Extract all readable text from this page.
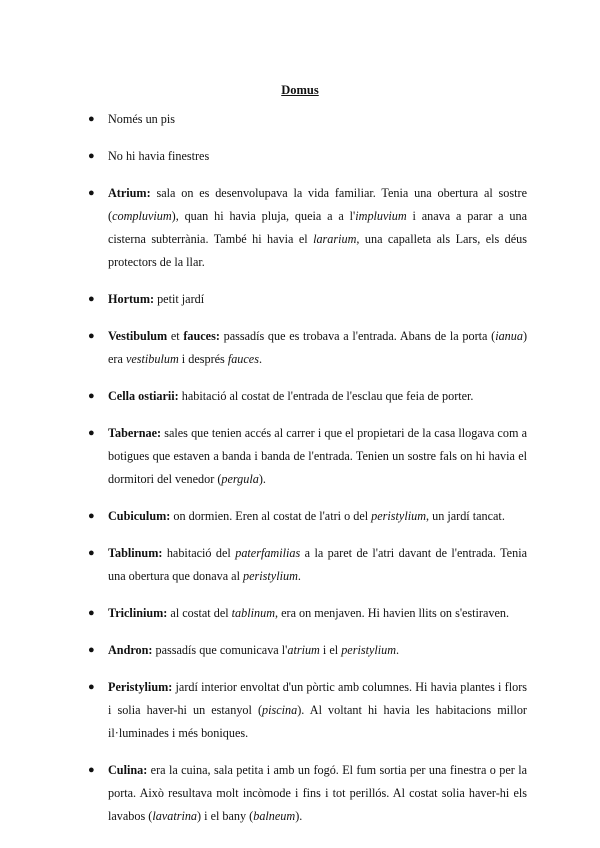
Domus
● Només un pis
● No hi havia finestres
● Atrium: sala on es desenvolupava la vida familiar. Tenia una obertura al sostre (compluvium), quan hi havia pluja, queia a a l'impluvium i anava a parar a una cisterna subterrània. També hi havia el lararium, una capalleta als Lars, els déus protectors de la llar.
● Hortum: petit jardí
● Vestibulum et fauces: passadís que es trobava a l'entrada. Abans de la porta (ianua) era vestibulum i després fauces.
● Cella ostiarii: habitació al costat de l'entrada de l'esclau que feia de porter.
● Tabernae: sales que tenien accés al carrer i que el propietari de la casa llogava com a botigues que estaven a banda i banda de l'entrada. Tenien un sostre fals on hi havia el dormitori del venedor (pergula).
● Cubiculum: on dormien. Eren al costat de l'atri o del peristylium, un jardí tancat.
● Tablinum: habitació del paterfamilias a la paret de l'atri davant de l'entrada. Tenia una obertura que donava al peristylium.
● Triclinium: al costat del tablinum, era on menjaven. Hi havien llits on s'estiraven.
● Andron: passadís que comunicava l'atrium i el peristylium.
● Peristylium: jardí interior envoltat d'un pòrtic amb columnes. Hi havia plantes i flors i solia haver-hi un estanyol (piscina). Al voltant hi havia les habitacions millor il·luminades i més boniques.
● Culina: era la cuina, sala petita i amb un fogó. El fum sortia per una finestra o per la porta. Això resultava molt incòmode i fins i tot perillós. Al costat solia haver-hi els lavabos (lavatrina) i el bany (balneum).
